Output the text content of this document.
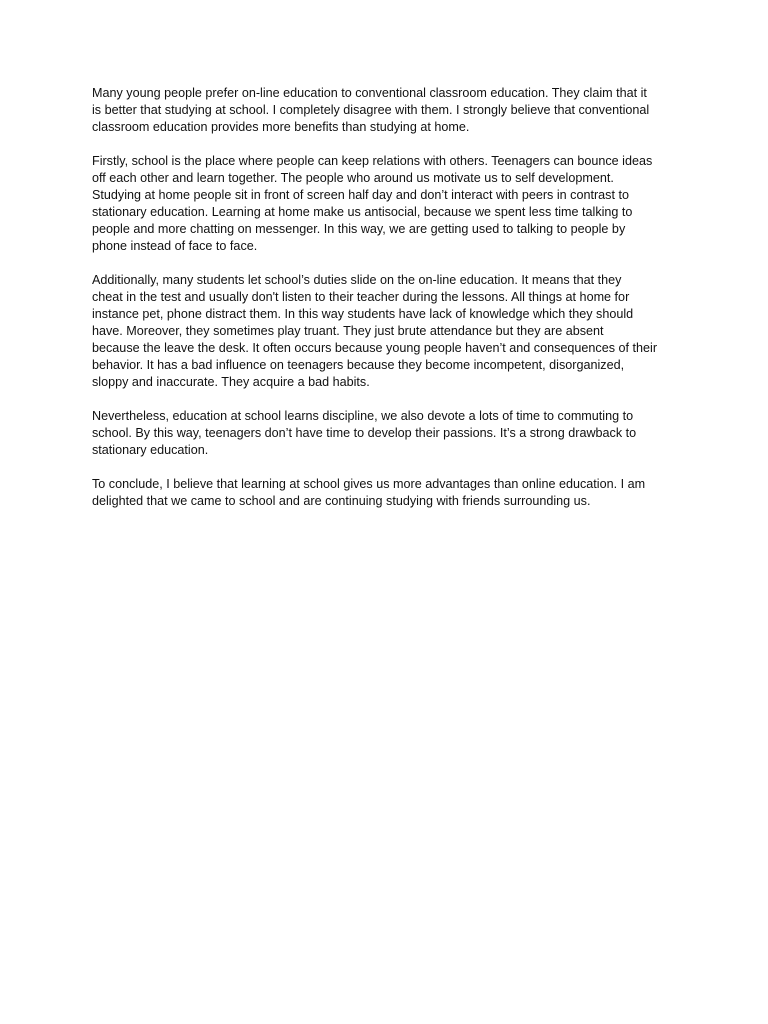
Many young people prefer on-line education to conventional classroom education. They claim that it
is better that studying at school. I completely disagree with them. I strongly believe that conventional
classroom education provides more benefits than studying at home.

Firstly, school is the place where people can keep relations with others. Teenagers can bounce ideas
off each other and learn together. The people who around us motivate us to self development.
Studying at home people sit in front of screen half day and don’t interact with peers in contrast to
stationary education. Learning at home make us antisocial, because we spent less time talking to
people and more chatting on messenger. In this way, we are getting used to talking to people by
phone instead of face to face.

Additionally, many students let school’s duties slide on the on-line education. It means that they
cheat in the test and usually don't listen to their teacher during the lessons. All things at home for
instance pet, phone distract them. In this way students have lack of knowledge which they should
have. Moreover, they sometimes play truant. They just brute attendance but they are absent
because the leave the desk. It often occurs because young people haven’t and consequences of their
behavior. It has a bad influence on teenagers because they become incompetent, disorganized,
sloppy and inaccurate. They acquire a bad habits.

Nevertheless, education at school learns discipline, we also devote a lots of time to commuting to
school. By this way, teenagers don’t have time to develop their passions. It’s a strong drawback to
stationary education.

To conclude, I believe that learning at school gives us more advantages than online education. I am
delighted that we came to school and are continuing studying with friends surrounding us.
